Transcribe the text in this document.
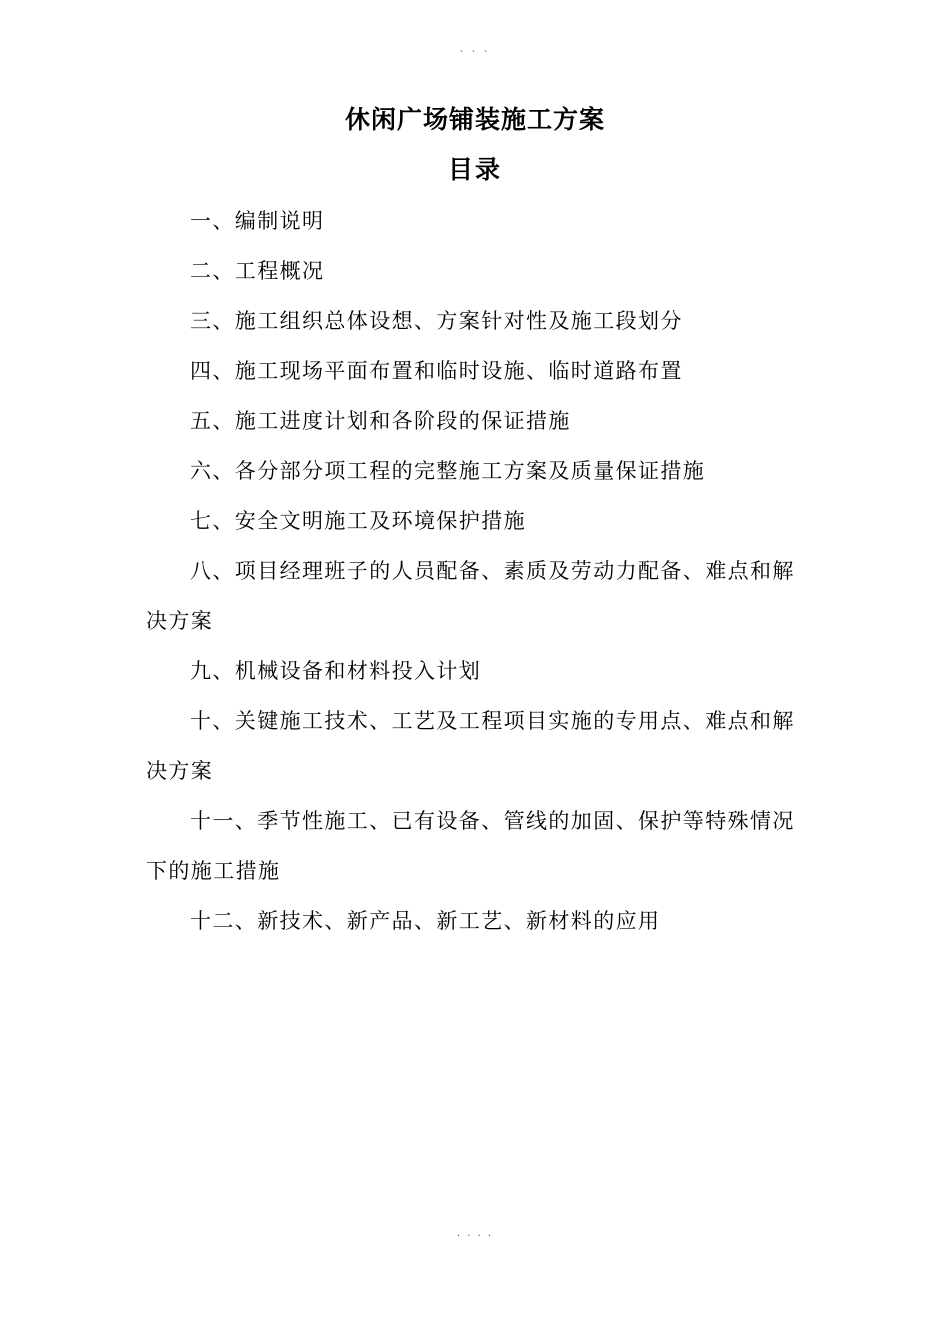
` ` `
休闲广场铺装施工方案
目录
一、编制说明
二、工程概况
三、施工组织总体设想、方案针对性及施工段划分
四、施工现场平面布置和临时设施、临时道路布置
五、施工进度计划和各阶段的保证措施
六、各分部分项工程的完整施工方案及质量保证措施
七、安全文明施工及环境保护措施
八、项目经理班子的人员配备、素质及劳动力配备、难点和解决方案
九、机械设备和材料投入计划
十、关键施工技术、工艺及工程项目实施的专用点、难点和解决方案
十一、季节性施工、已有设备、管线的加固、保护等特殊情况下的施工措施
十二、新技术、新产品、新工艺、新材料的应用
. . . .
